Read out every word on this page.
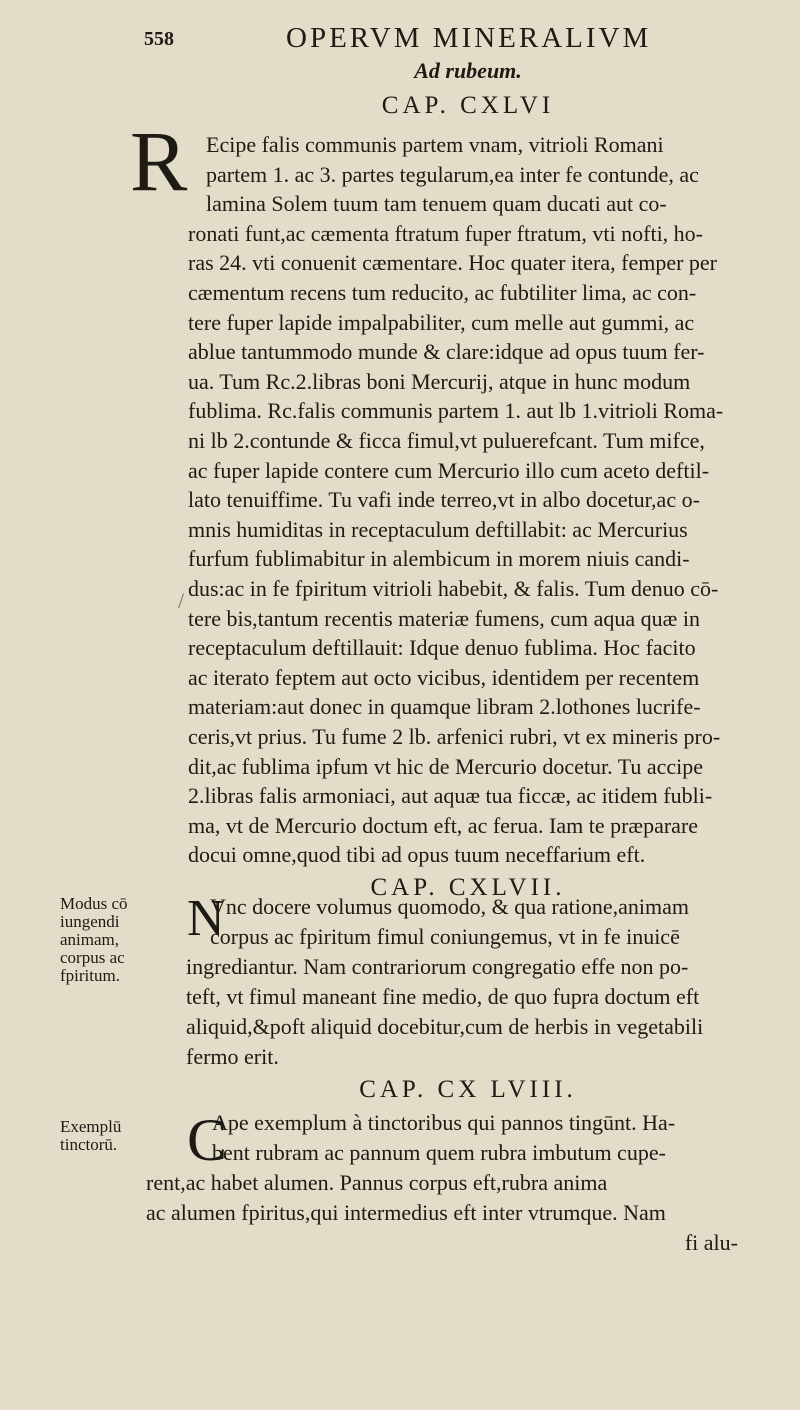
558	OPERVM MINERALIVM
Ad rubeum.
CAP. CXLVI
R Ecipe falis communis partem vnam, vitrioli Romani
partem 1. ac 3. partes tegularum,ea inter fe contunde, ac
lamina Solem tuum tam tenuem quam ducati aut co-
ronati funt,ac cæmenta ftratum fuper ftratum, vti nofti, ho-
ras 24. vti conuenit cæmentare. Hoc quater itera, femper per
cæmentum recens tum reducito, ac fubtiliter lima, ac con-
tere fuper lapide impalpabiliter, cum melle aut gummi, ac
ablue tantummodo munde & clare:idque ad opus tuum fer-
ua. Tum Rc.2.libras boni Mercurij, atque in hunc modum
fublima. Rc.falis communis partem 1. aut lb 1.vitrioli Roma-
ni lb 2.contunde & ficca fimul,vt puluerefcant. Tum mifce,
ac fuper lapide contere cum Mercurio illo cum aceto deftil-
lato tenuiffime. Tu vafi inde terreo,vt in albo docetur,ac o-
mnis humiditas in receptaculum deftillabit: ac Mercurius
furfum fublimabitur in alembicum in morem niuis candi-
dus:ac in fe fpiritum vitrioli habebit, & falis. Tum denuo cō-
tere bis,tantum recentis materiæ fumens, cum aqua quæ in
receptaculum deftillauit: Idque denuo fublima. Hoc facito
ac iterato feptem aut octo vicibus, identidem per recentem
materiam:aut donec in quamque libram 2.lothones lucrife-
ceris,vt prius. Tu fume 2 lb. arfenici rubri, vt ex mineris pro-
dit,ac fublima ipfum vt hic de Mercurio docetur. Tu accipe
2.libras falis armoniaci, aut aquæ tua ficcæ, ac itidem fubli-
ma, vt de Mercurio doctum eft, ac ferua. Iam te præparare
docui omne,quod tibi ad opus tuum neceffarium eft.
/
CAP. CXLVII.
N
Modus cō
iungendi
animam,
corpus ac
fpiritum.
Vnc docere volumus quomodo, & qua ratione,animam
corpus ac fpiritum fimul coniungemus, vt in fe inuicē
ingrediantur. Nam contrariorum congregatio effe non po-
teft, vt fimul maneant fine medio, de quo fupra doctum eft
aliquid,&poft aliquid docebitur,cum de herbis in vegetabili
fermo erit.
CAP. CX LVIII.
C
Exemplū
tinctorū.
Ape exemplum à tinctoribus qui pannos tingūnt. Ha-
bent rubram ac pannum quem rubra imbutum cupe-
rent,ac habet alumen. Pannus corpus eft,rubra anima
ac alumen fpiritus,qui intermedius eft inter vtrumque. Nam
fi alu-
